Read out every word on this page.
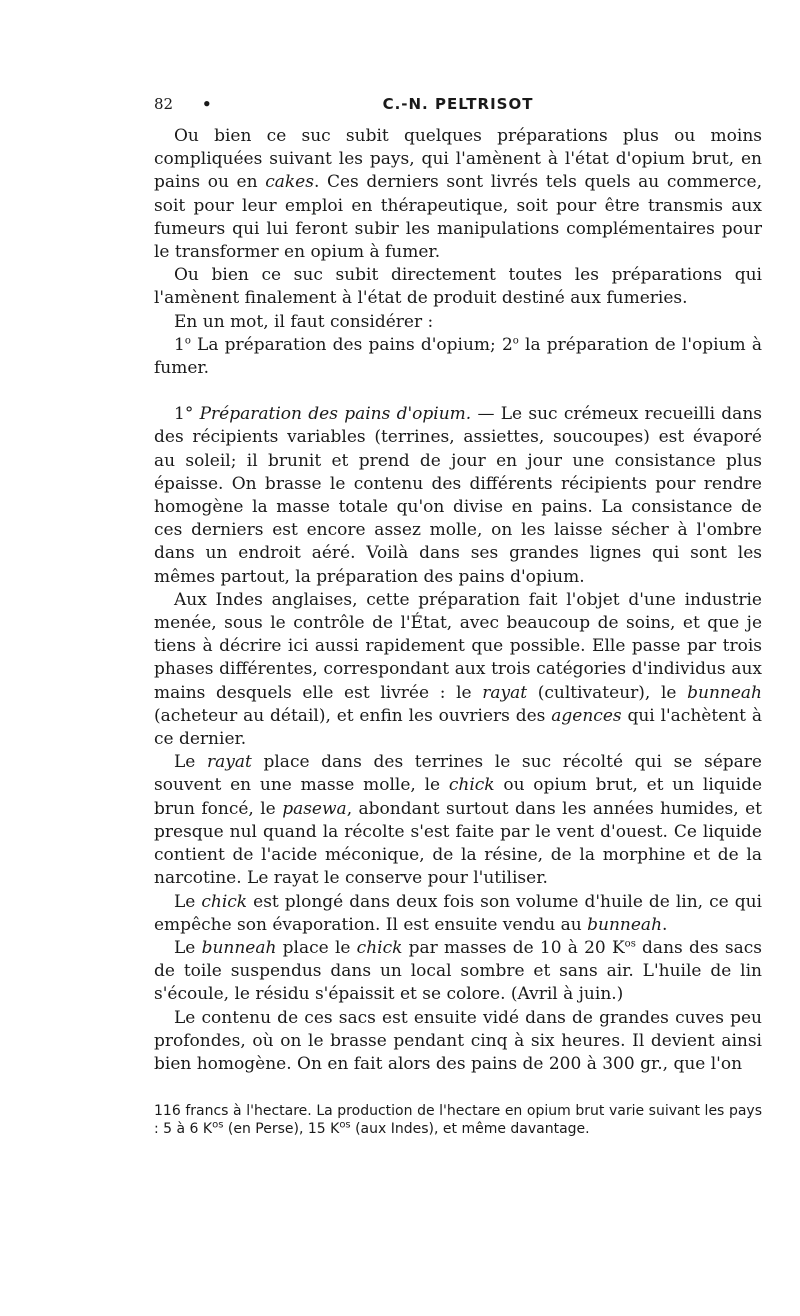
82 •	C.-N. PELTRISOT

Ou bien ce suc subit quelques préparations plus ou moins compliquées suivant les pays, qui l'amènent à l'état d'opium brut, en pains ou en cakes. Ces derniers sont livrés tels quels au commerce, soit pour leur emploi en thérapeutique, soit pour être transmis aux fumeurs qui lui feront subir les manipulations complémentaires pour le transformer en opium à fumer.

Ou bien ce suc subit directement toutes les préparations qui l'amènent finalement à l'état de produit destiné aux fumeries.

En un mot, il faut considérer :

1$^o$ La préparation des pains d'opium; 2$^o$ la préparation de l'opium à fumer.

1° Préparation des pains d'opium. — Le suc crémeux recueilli dans des récipients variables (terrines, assiettes, soucoupes) est évaporé au soleil; il brunit et prend de jour en jour une consistance plus épaisse. On brasse le contenu des différents récipients pour rendre homogène la masse totale qu'on divise en pains. La consistance de ces derniers est encore assez molle, on les laisse sécher à l'ombre dans un endroit aéré. Voilà dans ses grandes lignes qui sont les mêmes partout, la préparation des pains d'opium.

Aux Indes anglaises, cette préparation fait l'objet d'une industrie menée, sous le contrôle de l'État, avec beaucoup de soins, et que je tiens à décrire ici aussi rapidement que possible. Elle passe par trois phases différentes, correspondant aux trois catégories d'individus aux mains desquels elle est livrée : le rayat (cultivateur), le bunneah (acheteur au détail), et enfin les ouvriers des agences qui l'achètent à ce dernier.

Le rayat place dans des terrines le suc récolté qui se sépare souvent en une masse molle, le chick ou opium brut, et un liquide brun foncé, le pasewa, abondant surtout dans les années humides, et presque nul quand la récolte s'est faite par le vent d'ouest. Ce liquide contient de l'acide méconique, de la résine, de la morphine et de la narcotine. Le rayat le conserve pour l'utiliser.

Le chick est plongé dans deux fois son volume d'huile de lin, ce qui empêche son évaporation. Il est ensuite vendu au bunneah.

Le bunneah place le chick par masses de 10 à 20 $K^{os}$ dans des sacs de toile suspendus dans un local sombre et sans air. L'huile de lin s'écoule, le résidu s'épaissit et se colore. (Avril à juin.)

Le contenu de ces sacs est ensuite vidé dans de grandes cuves peu profondes, où on le brasse pendant cinq à six heures. Il devient ainsi bien homogène. On en fait alors des pains de 200 à 300 gr., que l'on

116 francs à l'hectare. La production de l'hectare en opium brut varie suivant les pays : 5 à 6 $K^{os}$ (en Perse), 15 $K^{os}$ (aux Indes), et même davantage.
